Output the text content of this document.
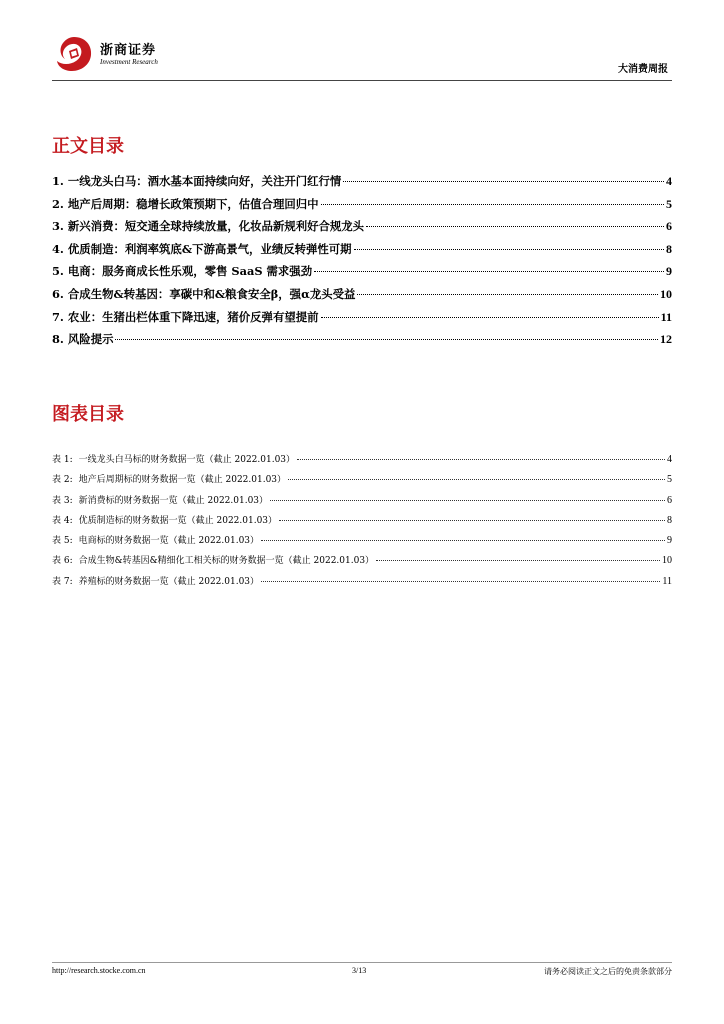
浙商证券
Investment Research
大消费周报
正文目录
1. 一线龙头白马：酒水基本面持续向好，关注开门红行情	4
2. 地产后周期：稳增长政策预期下，估值合理回归中	5
3. 新兴消费：短交通全球持续放量，化妆品新规利好合规龙头	6
4. 优质制造：利润率筑底&下游高景气，业绩反转弹性可期	8
5. 电商：服务商成长性乐观，零售 SaaS 需求强劲	9
6. 合成生物&转基因：享碳中和&粮食安全β，强α龙头受益	10
7. 农业：生猪出栏体重下降迅速，猪价反弹有望提前	11
8. 风险提示	12
图表目录
表 1: 一线龙头白马标的财务数据一览（截止 2022.01.03）	4
表 2: 地产后周期标的财务数据一览（截止 2022.01.03）	5
表 3: 新消费标的财务数据一览（截止 2022.01.03）	6
表 4: 优质制造标的财务数据一览（截止 2022.01.03）	8
表 5: 电商标的财务数据一览（截止 2022.01.03）	9
表 6: 合成生物&转基因&精细化工相关标的财务数据一览（截止 2022.01.03）	10
表 7: 养殖标的财务数据一览（截止 2022.01.03）	11
http://research.stocke.com.cn	3/13	请务必阅读正文之后的免责条款部分
